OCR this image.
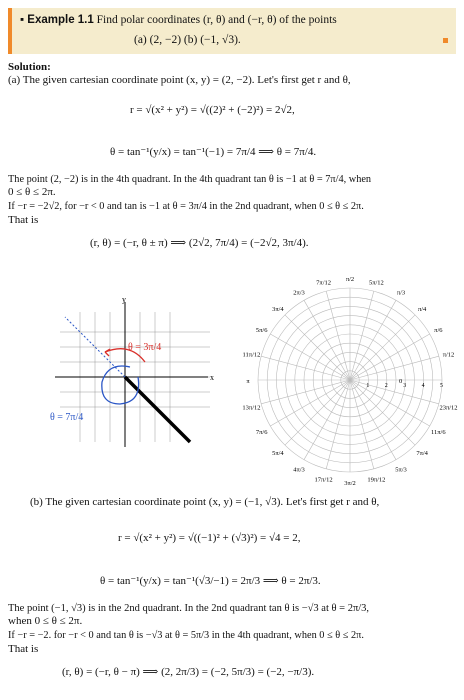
▪ Example 1.1 Find polar coordinates (r, θ) and (−r, θ) of the points
(a) (2, −2) (b) (−1, √3).
Solution:
(a) The given cartesian coordinate point (x, y) = (2, −2). Let's first get r and θ,
r = √(x² + y²) = √((2)² + (−2)²) = 2√2,
θ = tan⁻¹(y/x) = tan⁻¹(−1) = 7π/4 ⟹ θ = 7π/4.
The point (2, −2) is in the 4th quadrant. In the 4th quadrant tan θ is −1 at θ = 7π/4, when
0 ≤ θ ≤ 2π.
If −r = −2√2, for −r < 0 and tan is −1 at θ = 3π/4 in the 2nd quadrant, when 0 ≤ θ ≤ 2π.
That is
(r, θ) = (−r, θ ± π) ⟹ (2√2, 7π/4) = (−2√2, 3π/4).
x
y
θ = 3π/4
θ = 7π/4
0
π/12
π/6
π/4
π/3
5π/12
π/2
7π/12
2π/3
3π/4
5π/6
11π/12
π
13π/12
7π/6
5π/4
4π/3
17π/12 3π/2 19π/12
5π/3
7π/4
11π/6
23π/12
1	2	3	4	5
(b) The given cartesian coordinate point (x, y) = (−1, √3). Let's first get r and θ,
r = √(x² + y²) = √((−1)² + (√3)²) = √4 = 2,
θ = tan⁻¹(y/x) = tan⁻¹(√3/−1) = 2π/3 ⟹ θ = 2π/3.
The point (−1, √3) is in the 2nd quadrant. In the 2nd quadrant tan θ is −√3 at θ = 2π/3,
when 0 ≤ θ ≤ 2π.
If −r = −2. for −r < 0 and tan θ is −√3 at θ = 5π/3 in the 4th quadrant, when 0 ≤ θ ≤ 2π.
That is
(r, θ) = (−r, θ − π) ⟹ (2, 2π/3) = (−2, 5π/3) = (−2, −π/3).
